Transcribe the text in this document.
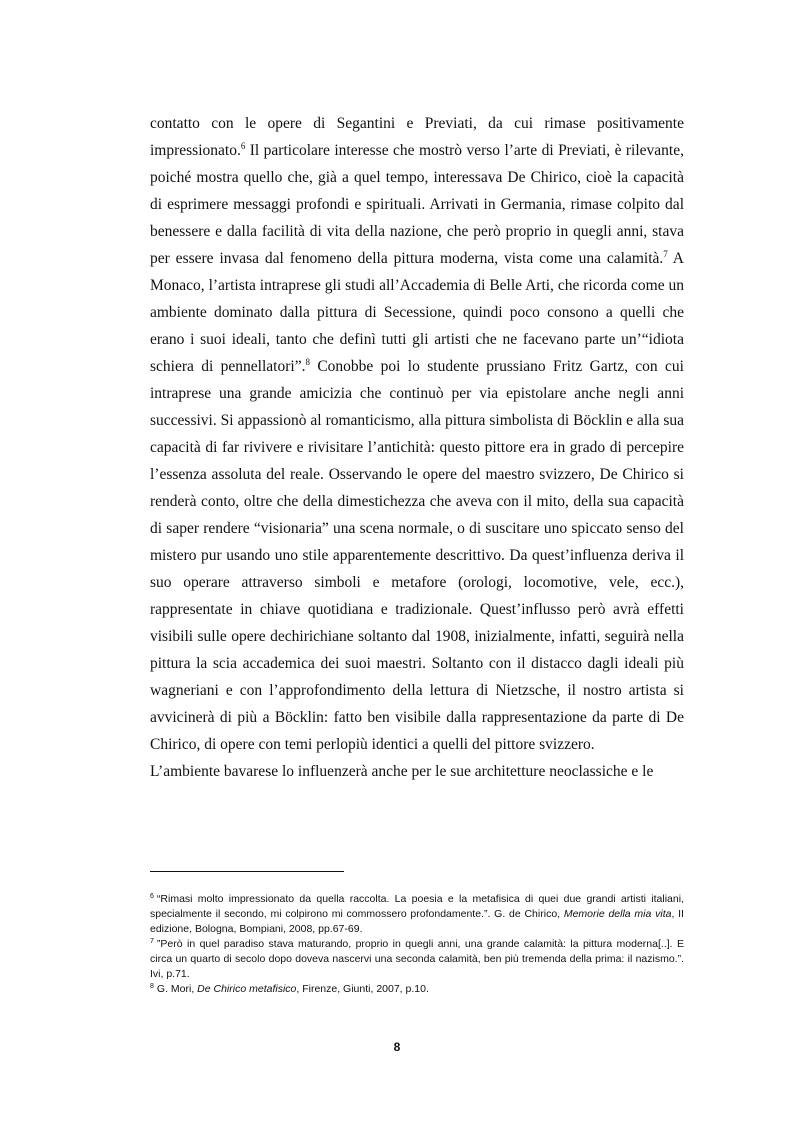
contatto con le opere di Segantini e Previati, da cui rimase positivamente impressionato.$^6$ Il particolare interesse che mostrò verso l’arte di Previati, è rilevante, poiché mostra quello che, già a quel tempo, interessava De Chirico, cioè la capacità di esprimere messaggi profondi e spirituali. Arrivati in Germania, rimase colpito dal benessere e dalla facilità di vita della nazione, che però proprio in quegli anni, stava per essere invasa dal fenomeno della pittura moderna, vista come una calamità.$^7$ A Monaco, l’artista intraprese gli studi all’Accademia di Belle Arti, che ricorda come un ambiente dominato dalla pittura di Secessione, quindi poco consono a quelli che erano i suoi ideali, tanto che definì tutti gli artisti che ne facevano parte un’“idiota schiera di pennellatori”.$^8$ Conobbe poi lo studente prussiano Fritz Gartz, con cui intraprese una grande amicizia che continuò per via epistolare anche negli anni successivi. Si appassionò al romanticismo, alla pittura simbolista di Böcklin e alla sua capacità di far rivivere e rivisitare l’antichità: questo pittore era in grado di percepire l’essenza assoluta del reale. Osservando le opere del maestro svizzero, De Chirico si renderà conto, oltre che della dimestichezza che aveva con il mito, della sua capacità di saper rendere “visionaria” una scena normale, o di suscitare uno spiccato senso del mistero pur usando uno stile apparentemente descrittivo. Da quest’influenza deriva il suo operare attraverso simboli e metafore (orologi, locomotive, vele, ecc.), rappresentate in chiave quotidiana e tradizionale. Quest’influsso però avrà effetti visibili sulle opere dechirichiane soltanto dal 1908, inizialmente, infatti, seguirà nella pittura la scia accademica dei suoi maestri. Soltanto con il distacco dagli ideali più wagneriani e con l’approfondimento della lettura di Nietzsche, il nostro artista si avvicinerà di più a Böcklin: fatto ben visibile dalla rappresentazione da parte di De Chirico, di opere con temi perlopiù identici a quelli del pittore svizzero.

L’ambiente bavarese lo influenzerà anche per le sue architetture neoclassiche e le

$^6$ “Rimasi molto impressionato da quella raccolta. La poesia e la metafisica di quei due grandi artisti italiani, specialmente il secondo, mi colpirono mi commossero profondamente.”. G. de Chirico, Memorie della mia vita, II edizione, Bologna, Bompiani, 2008, pp.67-69.

$^7$ ”Però in quel paradiso stava maturando, proprio in quegli anni, una grande calamità: la pittura moderna[..]. E circa un quarto di secolo dopo doveva nascervi una seconda calamità, ben più tremenda della prima: il nazismo.”. Ivi, p.71.

$^8$ G. Mori, De Chirico metafisico, Firenze, Giunti, 2007, p.10.

8
